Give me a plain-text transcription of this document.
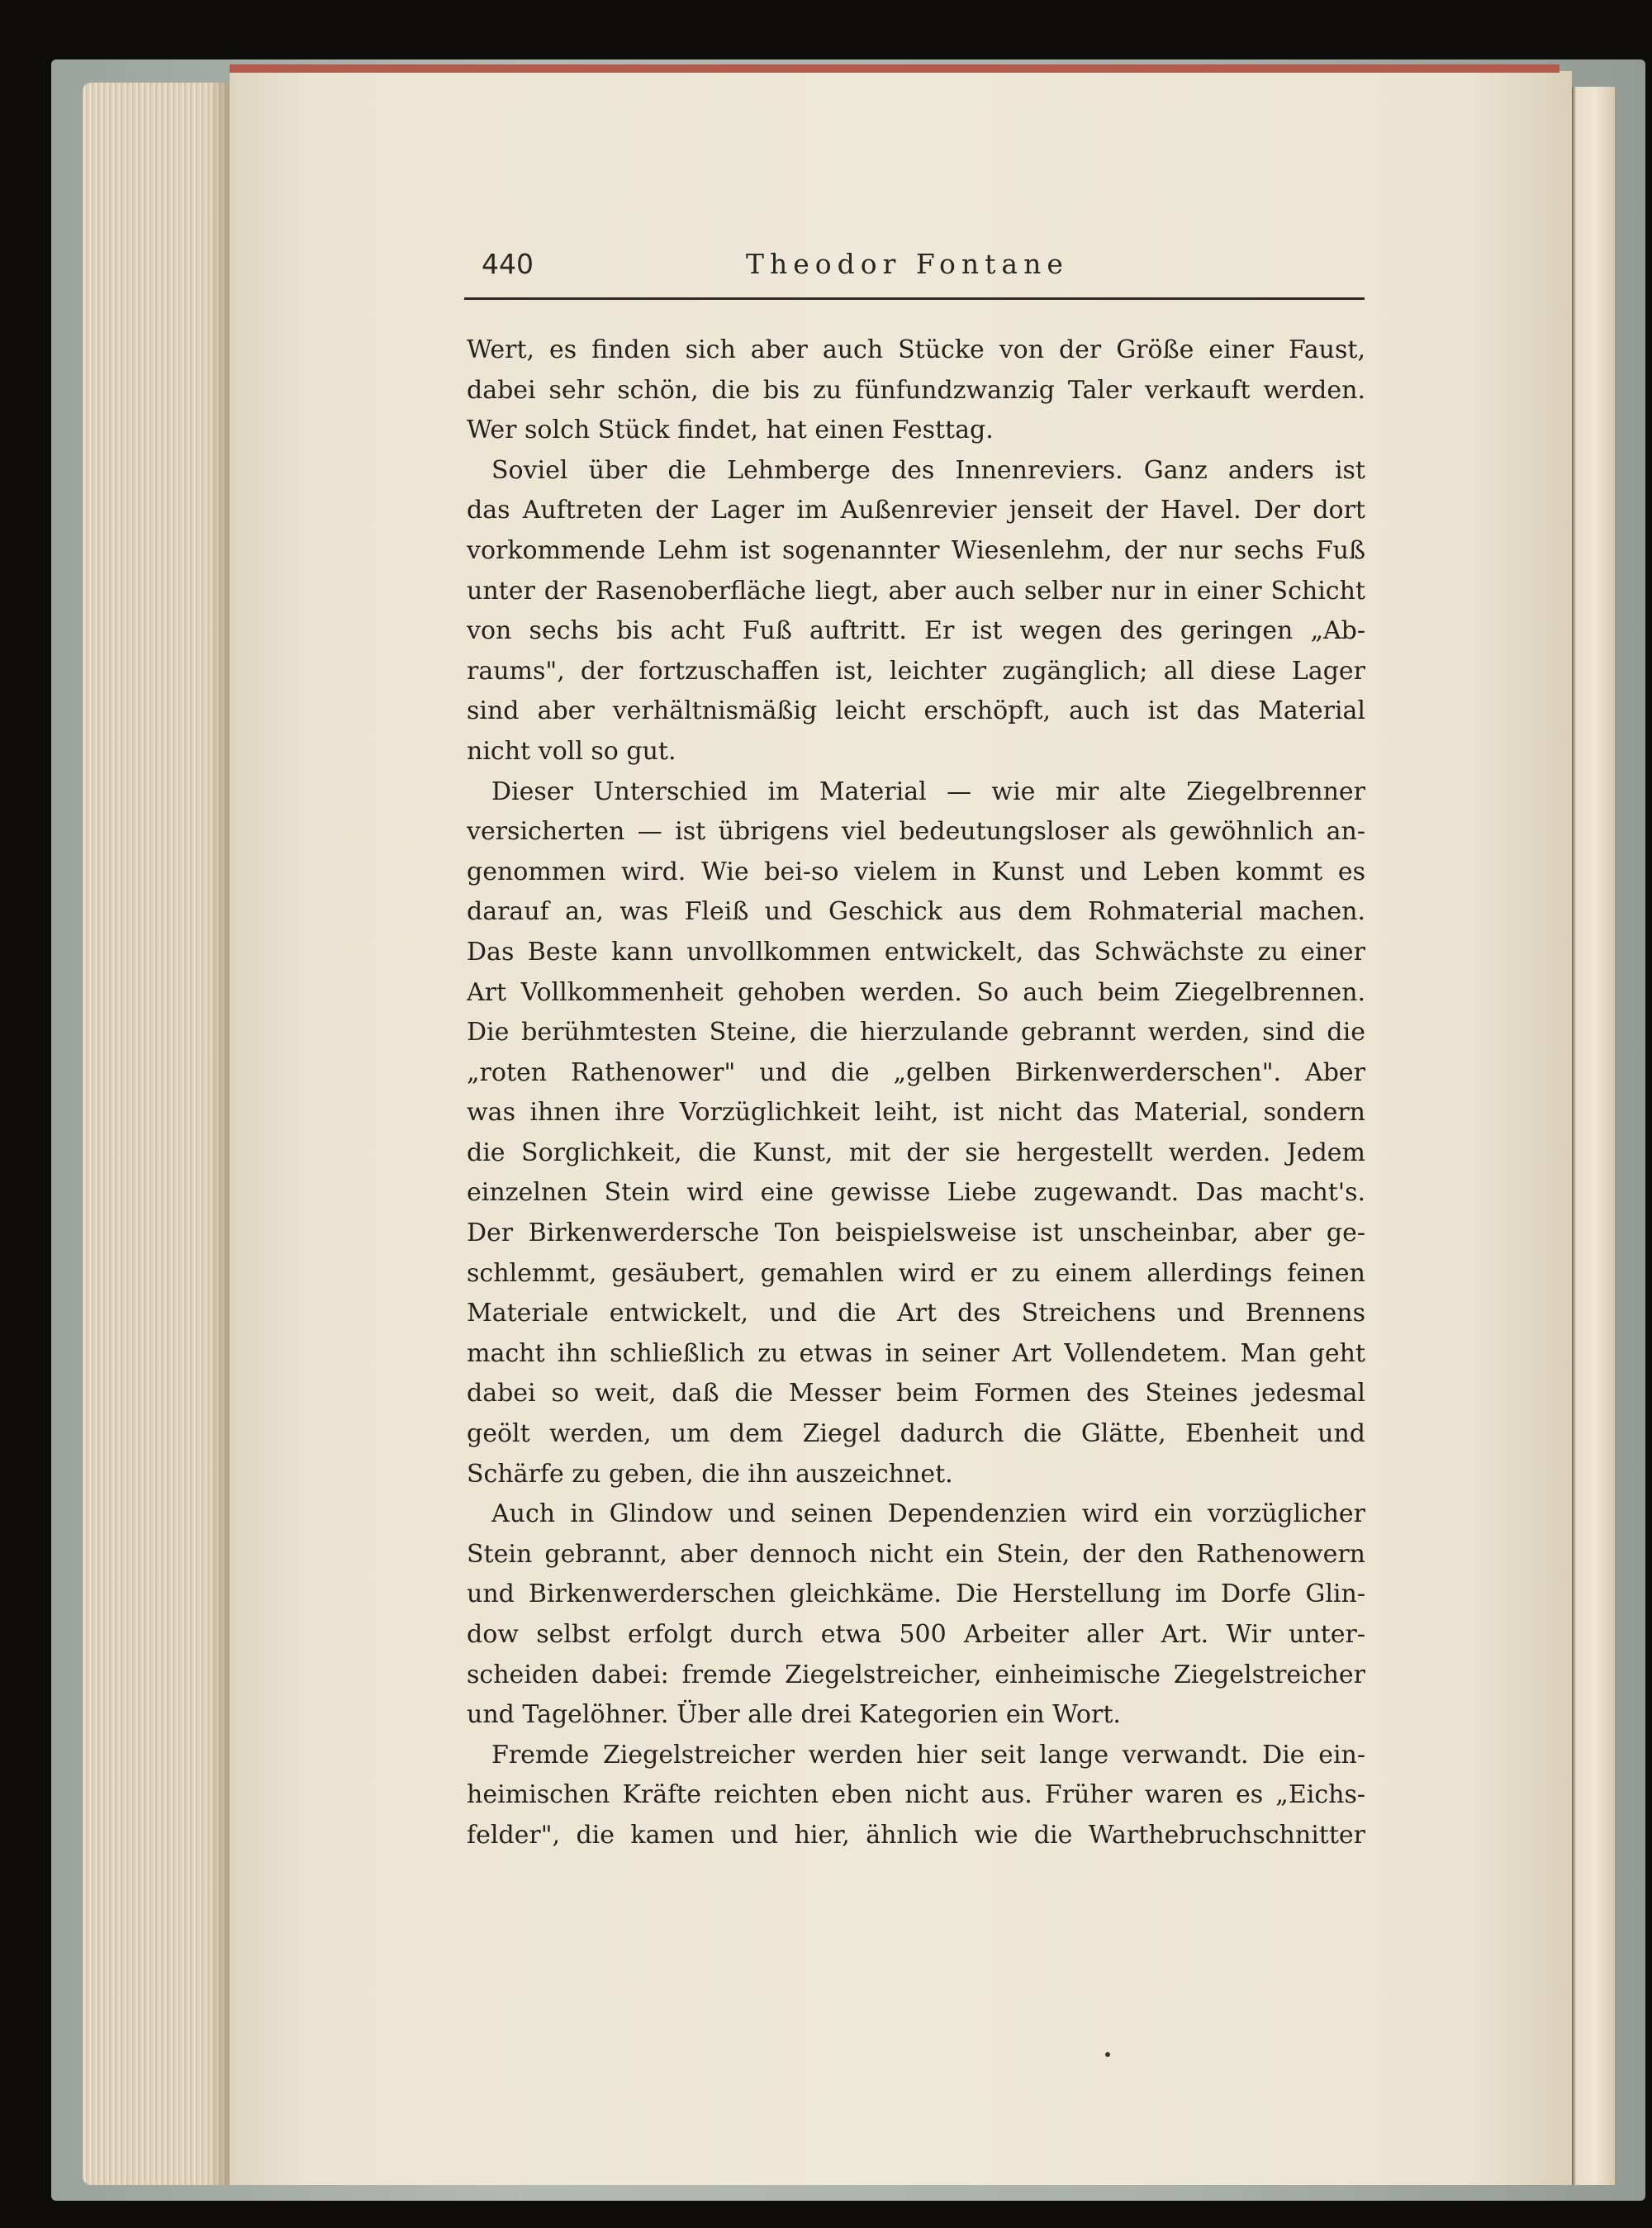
440	Theodor Fontane

Wert, es finden sich aber auch Stücke von der Größe einer Faust,

dabei sehr schön, die bis zu fünfundzwanzig Taler verkauft werden.

Wer solch Stück findet, hat einen Festtag.

Soviel über die Lehmberge des Innenreviers. Ganz anders ist

das Auftreten der Lager im Außenrevier jenseit der Havel. Der dort

vorkommende Lehm ist sogenannter Wiesenlehm, der nur sechs Fuß

unter der Rasenoberfläche liegt, aber auch selber nur in einer Schicht

von sechs bis acht Fuß auftritt. Er ist wegen des geringen „Ab-

raums", der fortzuschaffen ist, leichter zugänglich; all diese Lager

sind aber verhältnismäßig leicht erschöpft, auch ist das Material

nicht voll so gut.

Dieser Unterschied im Material — wie mir alte Ziegelbrenner

versicherten — ist übrigens viel bedeutungsloser als gewöhnlich an-

genommen wird. Wie bei-so vielem in Kunst und Leben kommt es

darauf an, was Fleiß und Geschick aus dem Rohmaterial machen.

Das Beste kann unvollkommen entwickelt, das Schwächste zu einer

Art Vollkommenheit gehoben werden. So auch beim Ziegelbrennen.

Die berühmtesten Steine, die hierzulande gebrannt werden, sind die

„roten Rathenower" und die „gelben Birkenwerderschen". Aber

was ihnen ihre Vorzüglichkeit leiht, ist nicht das Material, sondern

die Sorglichkeit, die Kunst, mit der sie hergestellt werden. Jedem

einzelnen Stein wird eine gewisse Liebe zugewandt. Das macht's.

Der Birkenwerdersche Ton beispielsweise ist unscheinbar, aber ge-

schlemmt, gesäubert, gemahlen wird er zu einem allerdings feinen

Materiale entwickelt, und die Art des Streichens und Brennens

macht ihn schließlich zu etwas in seiner Art Vollendetem. Man geht

dabei so weit, daß die Messer beim Formen des Steines jedesmal

geölt werden, um dem Ziegel dadurch die Glätte, Ebenheit und

Schärfe zu geben, die ihn auszeichnet.

Auch in Glindow und seinen Dependenzien wird ein vorzüglicher

Stein gebrannt, aber dennoch nicht ein Stein, der den Rathenowern

und Birkenwerderschen gleichkäme. Die Herstellung im Dorfe Glin-

dow selbst erfolgt durch etwa 500 Arbeiter aller Art. Wir unter-

scheiden dabei: fremde Ziegelstreicher, einheimische Ziegelstreicher

und Tagelöhner. Über alle drei Kategorien ein Wort.

Fremde Ziegelstreicher werden hier seit lange verwandt. Die ein-

heimischen Kräfte reichten eben nicht aus. Früher waren es „Eichs-

felder", die kamen und hier, ähnlich wie die Warthebruchschnitter
